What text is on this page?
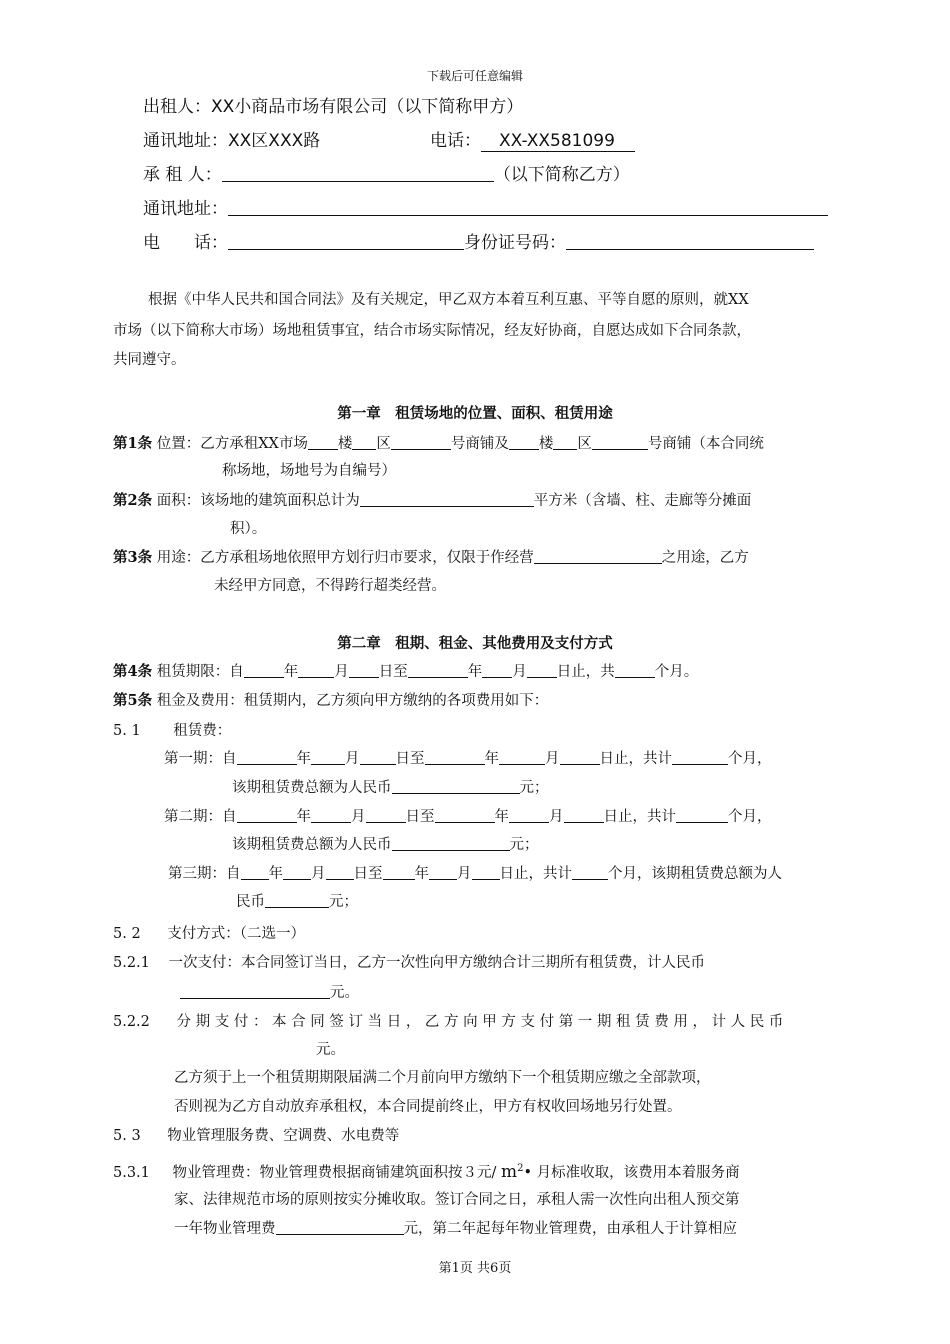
下载后可任意编辑
出租人：XX小商品市场有限公司（以下简称甲方）
通讯地址：XX区XXX路	电话： XX-XX581099
承 租 人：	（以下简称乙方）
通讯地址：
电　　话：	身份证号码：
根据《中华人民共和国合同法》及有关规定，甲乙双方本着互利互惠、平等自愿的原则，就XX
市场（以下简称大市场）场地租赁事宜，结合市场实际情况，经友好协商，自愿达成如下合同条款，
共同遵守。
第一章　租赁场地的位置、面积、租赁用途
第1条 位置：乙方承租XX市场 楼 区	号商铺及 楼 区	号商铺（本合同统
称场地，场地号为自编号）
第2条 面积：该场地的建筑面积总计为	平方米（含墙、柱、走廊等分摊面
积）。
第3条 用途：乙方承租场地依照甲方划行归市要求，仅限于作经营	之用途，乙方
未经甲方同意，不得跨行超类经营。
第二章　租期、租金、其他费用及支付方式
第4条 租赁期限：自	年 月 日至	年 月 日止，共	个月。
第5条 租金及费用：租赁期内，乙方须向甲方缴纳的各项费用如下：
5. 1 租赁费：
第一期：自	年 月 日至	年	月	日止，共计	个月，
该期租赁费总额为人民币	元；
第二期：自	年	月	日至	年	月	日止，共计	个月，
该期租赁费总额为人民币	元；
第三期：自 年 月 日至 年 月 日止，共计 个月，该期租赁费总额为人
民币	元；
5. 2 支付方式：（二选一）
5.2.1 一次支付：本合同签订当日，乙方一次性向甲方缴纳合计三期所有租赁费，计人民币
元。
5.2.2 分 期 支 付 ： 本 合 同 签 订 当 日 ， 乙 方 向 甲 方 支 付 第 一 期 租 赁 费 用 ， 计 人 民 币
元。
乙方须于上一个租赁期期限届满二个月前向甲方缴纳下一个租赁期应缴之全部款项，
否则视为乙方自动放弃承租权，本合同提前终止，甲方有权收回场地另行处置。
5. 3 物业管理服务费、空调费、水电费等
5.3.1 物业管理费：物业管理费根据商铺建筑面积按３元/ $m^2•$ 月标准收取，该费用本着服务商
家、法律规范市场的原则按实分摊收取。签订合同之日，承租人需一次性向出租人预交第
一年物业管理费	元，第二年起每年物业管理费，由承租人于计算相应
第1页 共6页
